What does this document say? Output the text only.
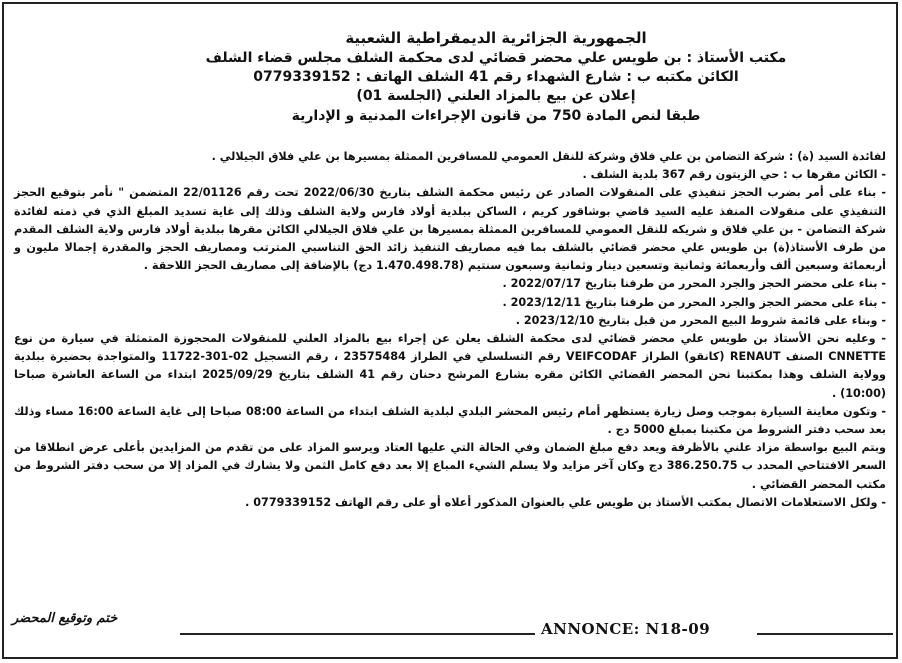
الجمهورية الجزائرية الديمقراطية الشعبية
مكتب الأستاذ : بن طويس علي محضر قضائي لدى محكمة الشلف مجلس قضاء الشلف
الكائن مكتبه ب : شارع الشهداء رقم 41 الشلف الهاتف : 0779339152
إعلان عن بيع بالمزاد العلني (الجلسة 01)
طبقا لنص المادة 750 من قانون الإجراءات المدنية و الإدارية

لفائدة السيد (ة) : شركة التضامن بن علي فلاق وشركة للنقل العمومي للمسافرين الممثلة بمسيرها بن علي فلاق الجيلالي .

- الكائن مقرها ب : حي الزيتون رقم 367 بلدية الشلف .

- بناء على أمر بضرب الحجز تنفيذي على المنقولات الصادر عن رئيس محكمة الشلف بتاريخ 2022/06/30 تحت رقم 22/01126 المتضمن " نأمر بتوقيع الحجز التنفيذي على منقولات المنفذ عليه السيد قاضي بوشاقور كريم ، الساكن ببلدية أولاد فارس ولاية الشلف وذلك إلى غاية تسديد المبلغ الذي في ذمته لفائدة شركة التضامن - بن علي فلاق و شريكه للنقل العمومي للمسافرين الممثلة بمسيرها بن علي فلاق الجيلالي الكائن مقرها ببلدية أولاد فارس ولاية الشلف المقدم من طرف الأستاذ(ة) بن طويس علي محضر قضائي بالشلف بما فيه مصاريف التنفيذ زائد الحق التناسبي المترتب ومصاريف الحجز والمقدرة إجمالا مليون و أربعمائة وسبعين ألف وأربعمائة وثمانية وتسعين دينار وثمانية وسبعون سنتيم (1.470.498.78 دج) بالإضافة إلى مصاريف الحجز اللاحقة .

- بناء على محضر الحجز والجرد المحرر من طرفنا بتاريخ 2022/07/17 .

- بناء على محضر الحجز والجرد المحرر من طرفنا بتاريخ 2023/12/11 .

- وبناء على قائمة شروط البيع المحرر من قبل بتاريخ 2023/12/10 .

- وعليه نحن الأستاذ بن طويس علي محضر قضائي لدى محكمة الشلف يعلن عن إجراء بيع بالمزاد العلني للمنقولات المحجوزة المتمثلة في سيارة من نوع CNNETTE الصنف RENAUT (كانقو) الطراز VEIFCODAF رقم التسلسلي في الطراز 23575484 ، رقم التسجيل 02-301-11722 والمتواجدة بحضيرة ببلدية وولاية الشلف وهذا بمكتبنا نحن المحضر القضائي الكائن مقره بشارع المرشح دحنان رقم 41 الشلف بتاريخ 2025/09/29 ابتداء من الساعة العاشرة صباحا (10:00) .

- وتكون معاينة السيارة بموجب وصل زيارة يستظهر أمام رئيس المحشر البلدي لبلدية الشلف ابتداء من الساعة 08:00 صباحا إلى غاية الساعة 16:00 مساء وذلك بعد سحب دفتر الشروط من مكتبنا بمبلغ 5000 دج .

وبتم البيع بواسطة مزاد علني بالأظرفة ويعد دفع مبلغ الضمان وفي الحالة التي عليها العتاد ويرسو المزاد على من تقدم من المزايدين بأعلى عرض انطلاقا من السعر الافتتاحي المحدد ب 386.250.75 دج وكان آخر مزايد ولا يسلم الشيء المباع إلا بعد دفع كامل الثمن ولا يشارك في المزاد إلا من سحب دفتر الشروط من مكتب المحضر القضائي .

- ولكل الاستعلامات الاتصال بمكتب الأستاذ بن طويس علي بالعنوان المذكور أعلاه أو على رقم الهاتف 0779339152 .

ختم وتوقيع المحضر
ANNONCE: N18-09
